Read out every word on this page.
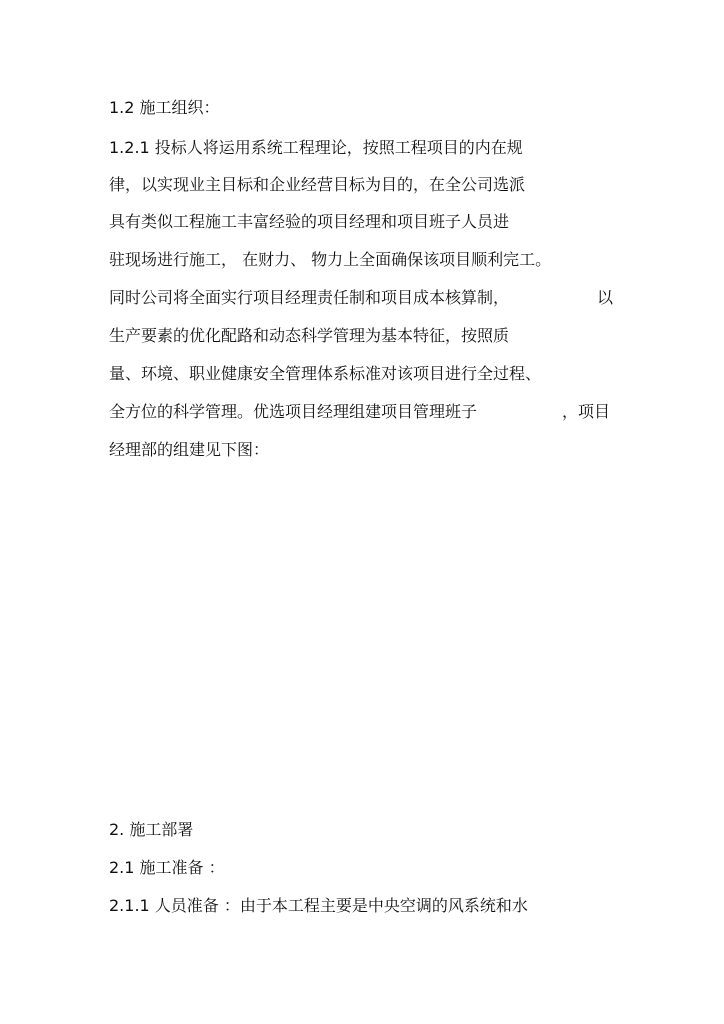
1.2 施工组织：

1.2.1 投标人将运用系统工程理论，按照工程项目的内在规

律，以实现业主目标和企业经营目标为目的，在全公司选派

具有类似工程施工丰富经验的项目经理和项目班子人员进

驻现场进行施工， 在财力、 物力上全面确保该项目顺利完工。

同时公司将全面实行项目经理责任制和项目成本核算制，	以

生产要素的优化配路和动态科学管理为基本特征，按照质

量、环境、职业健康安全管理体系标准对该项目进行全过程、

全方位的科学管理。优选项目经理组建项目管理班子	，项目

经理部的组建见下图：

2. 施工部署
2.1 施工准备 ：

2.1.1 人员准备 ：由于本工程主要是中央空调的风系统和水
